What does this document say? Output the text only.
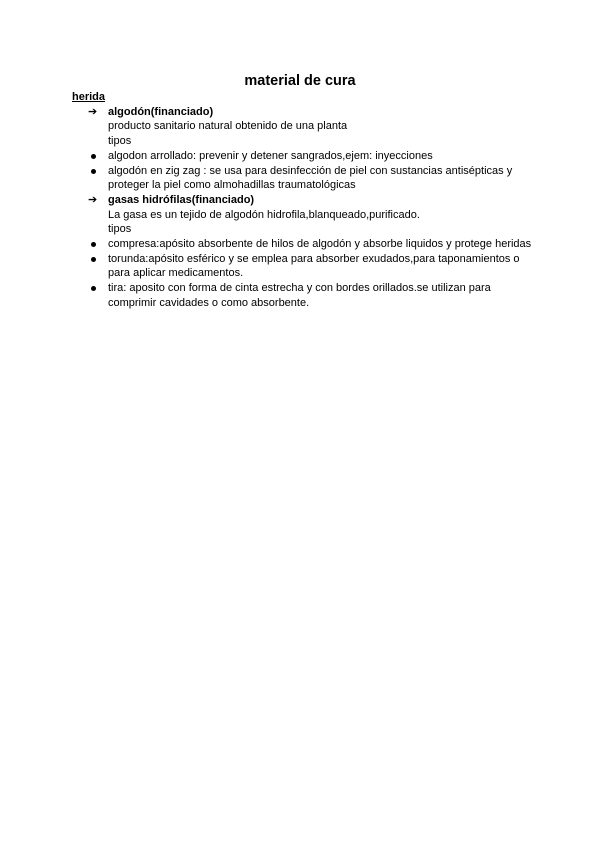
material de cura
herida
➔ algodón(financiado)
producto sanitario natural obtenido de una planta
tipos
algodon arrollado: prevenir y detener sangrados,ejem: inyecciones
algodón en zig zag : se usa para desinfección de piel con sustancias antisépticas y proteger la piel como almohadillas traumatológicas
➔ gasas hidrófilas(financiado)
La gasa es un tejido de algodón hidrofila,blanqueado,purificado.
tipos
compresa:apósito absorbente de hilos de algodón y absorbe liquidos y protege heridas
torunda:apósito esférico y se emplea para absorber exudados,para taponamientos o para aplicar medicamentos.
tira: aposito con forma de cinta estrecha y con bordes orillados.se utilizan para comprimir cavidades o como absorbente.
